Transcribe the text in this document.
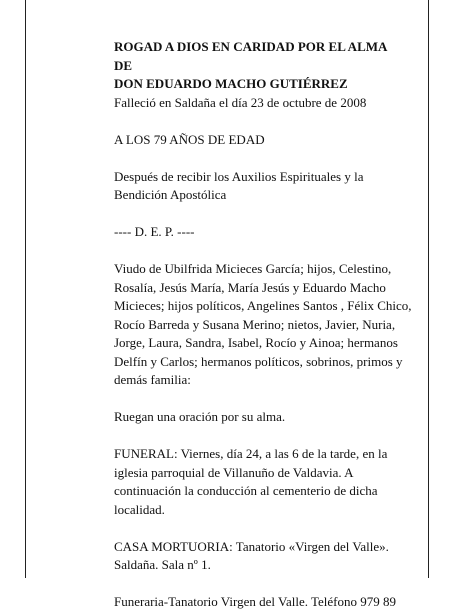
ROGAD A DIOS EN CARIDAD POR EL ALMA

DE

DON EDUARDO MACHO GUTIÉRREZ

Falleció en Saldaña el día 23 de octubre de 2008

A LOS 79 AÑOS DE EDAD

Después de recibir los Auxilios Espirituales y la Bendición Apostólica

---- D. E. P. ----

Viudo de Ubilfrida Micieces García; hijos, Celestino, Rosalía, Jesús María, María Jesús y Eduardo Macho Micieces; hijos políticos, Angelines Santos , Félix Chico, Rocío Barreda y Susana Merino; nietos, Javier, Nuria, Jorge, Laura, Sandra, Isabel, Rocío y Ainoa; hermanos Delfín y Carlos; hermanos políticos, sobrinos, primos y demás familia:

Ruegan una oración por su alma.

FUNERAL: Viernes, día 24, a las 6 de la tarde, en la iglesia parroquial de Villanuño de Valdavia. A continuación la conducción al cementerio de dicha localidad.

CASA MORTUORIA: Tanatorio «Virgen del Valle». Saldaña. Sala nº 1.

Funeraria-Tanatorio Virgen del Valle. Teléfono 979 89
